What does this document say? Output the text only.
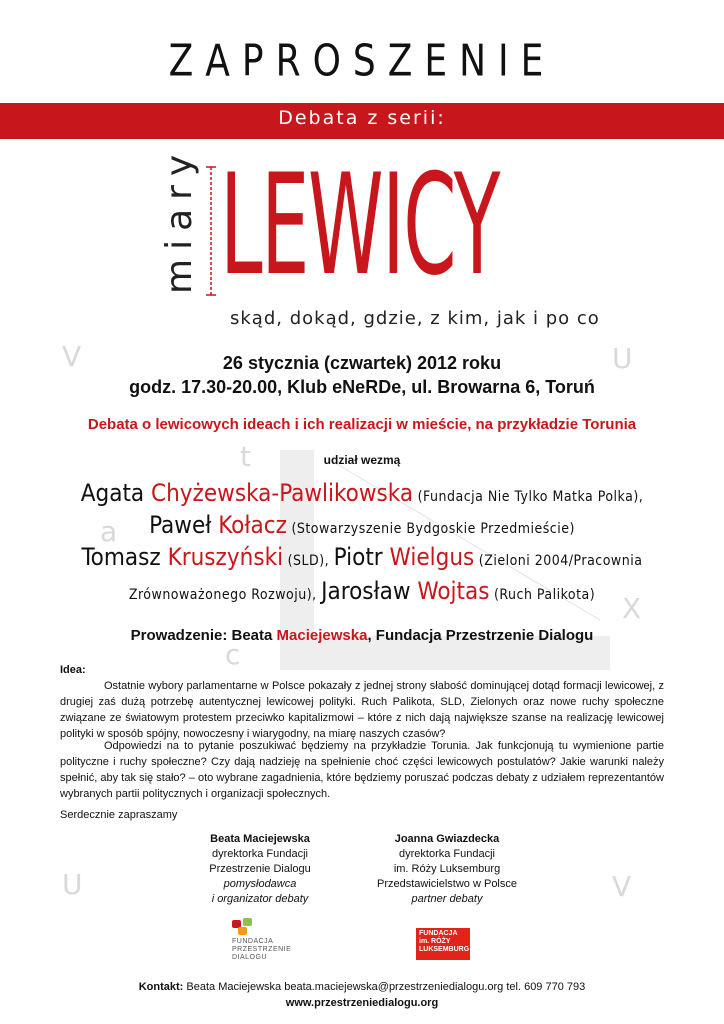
V	U
t
a
X
c
U	V
ZAPROSZENIE
Debata z serii:
miary LEWICY
skąd, dokąd, gdzie, z kim, jak i po co
26 stycznia (czwartek) 2012 roku
godz. 17.30-20.00, Klub eNeRDe, ul. Browarna 6, Toruń
Debata o lewicowych ideach i ich realizacji w mieście, na przykładzie Torunia
udział wezmą
Agata Chyżewska-Pawlikowska (Fundacja Nie Tylko Matka Polka),
Paweł Kołacz (Stowarzyszenie Bydgoskie Przedmieście)
Tomasz Kruszyński (SLD), Piotr Wielgus (Zieloni 2004/Pracownia
Zrównoważonego Rozwoju), Jarosław Wojtas (Ruch Palikota)
Prowadzenie: Beata Maciejewska, Fundacja Przestrzenie Dialogu
Idea:
Ostatnie wybory parlamentarne w Polsce pokazały z jednej strony słabość dominującej dotąd formacji lewicowej, z drugiej zaś dużą potrzebę autentycznej lewicowej polityki. Ruch Palikota, SLD, Zielonych oraz nowe ruchy społeczne związane ze światowym protestem przeciwko kapitalizmowi – które z nich dają największe szanse na realizację lewicowej polityki w sposób spójny, nowoczesny i wiarygodny, na miarę naszych czasów?
Odpowiedzi na to pytanie poszukiwać będziemy na przykładzie Torunia. Jak funkcjonują tu wymienione partie polityczne i ruchy społeczne? Czy dają nadzieję na spełnienie choć części lewicowych postulatów? Jakie warunki należy spełnić, aby tak się stało? – oto wybrane zagadnienia, które będziemy poruszać podczas debaty z udziałem reprezentantów wybranych partii politycznych i organizacji społecznych.
Serdecznie zapraszamy
Beata Maciejewska
dyrektorka Fundacji
Przestrzenie Dialogu
pomysłodawca
i organizator debaty
Joanna Gwiazdecka
dyrektorka Fundacji
im. Róży Luksemburg
Przedstawicielstwo w Polsce
partner debaty
FUNDACJA
PRZESTRZENIE
DIALOGU
FUNDACJA
im. RÓŻY
LUKSEMBURG
Kontakt: Beata Maciejewska beata.maciejewska@przestrzeniedialogu.org tel. 609 770 793
www.przestrzeniedialogu.org
